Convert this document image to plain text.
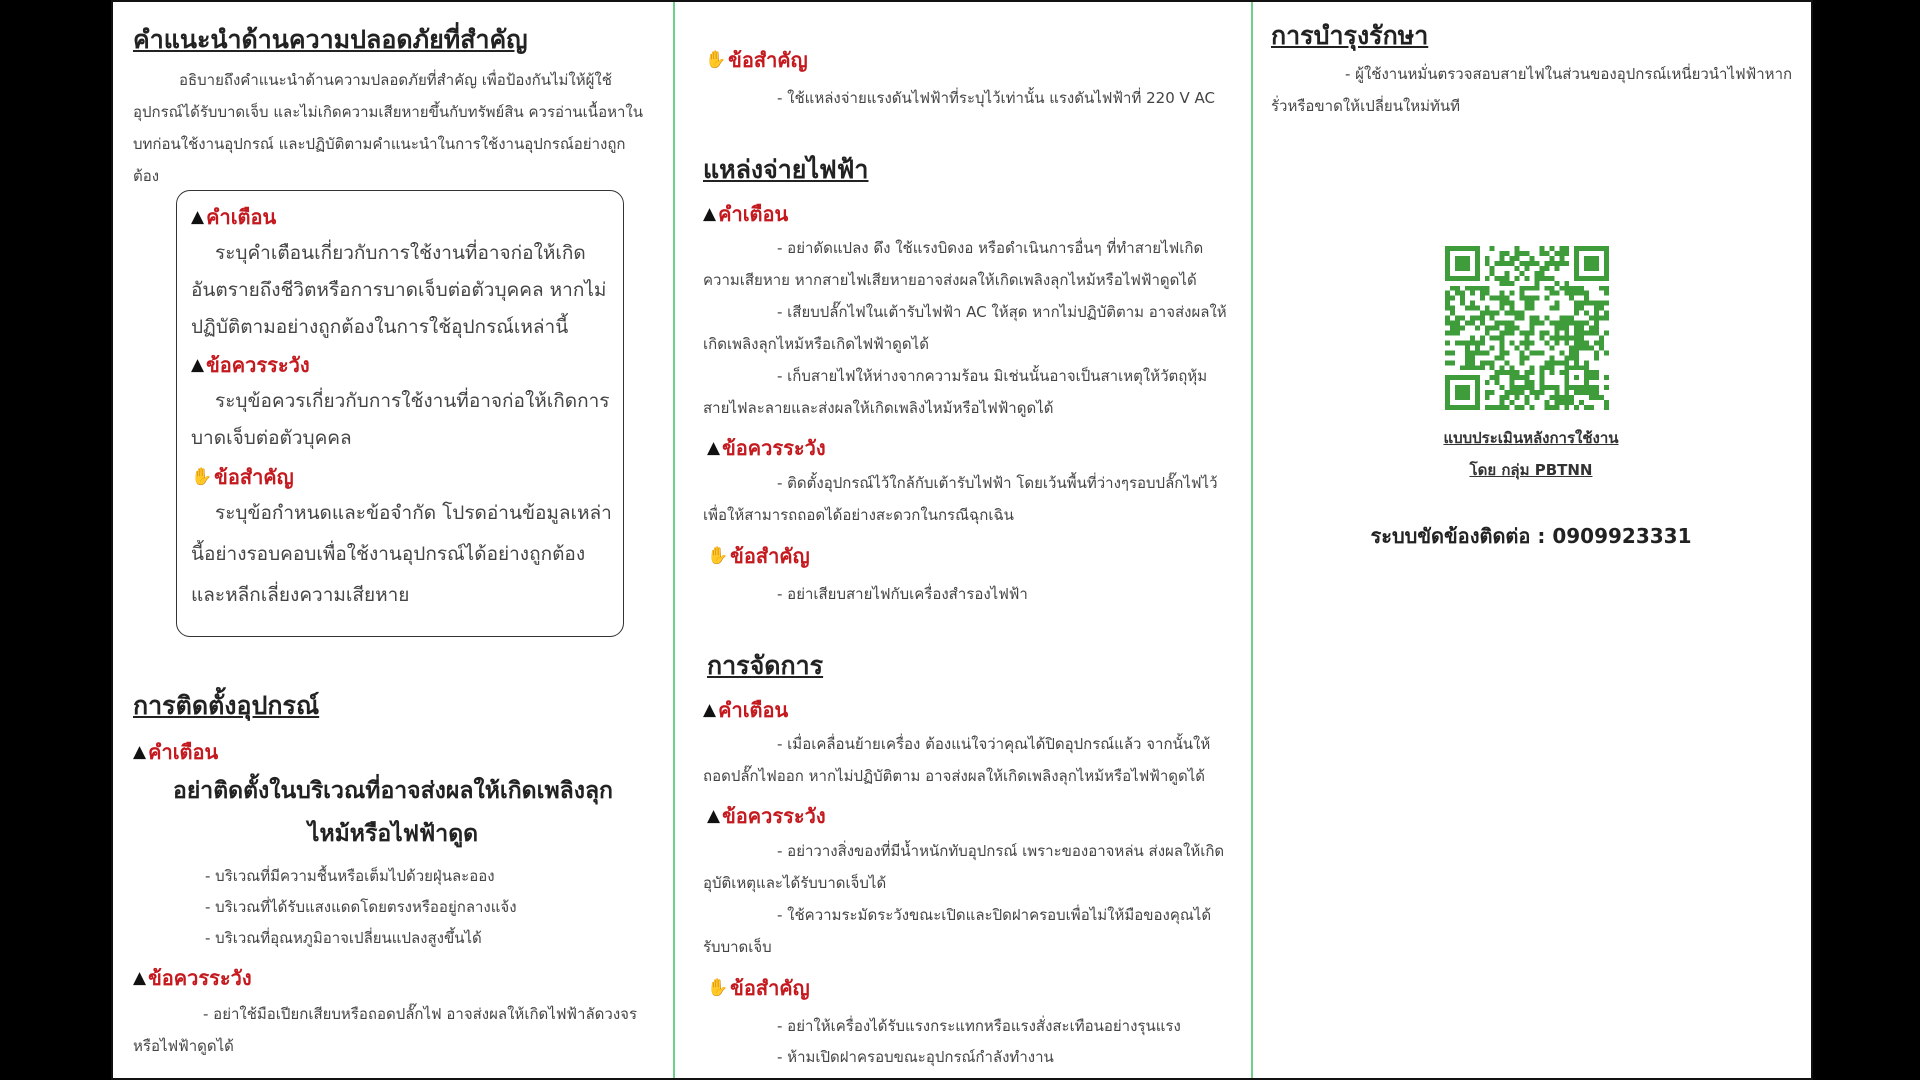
คำแนะนำด้านความปลอดภัยที่สำคัญ
อธิบายถึงคำแนะนำด้านความปลอดภัยที่สำคัญ เพื่อป้องกันไม่ให้ผู้ใช้อุปกรณ์ได้รับบาดเจ็บ และไม่เกิดความเสียหายขึ้นกับทรัพย์สิน ควรอ่านเนื้อหาในบทก่อนใช้งานอุปกรณ์ และปฏิบัติตามคำแนะนำในการใช้งานอุปกรณ์อย่างถูกต้อง
▲ คำเตือน
ระบุคำเตือนเกี่ยวกับการใช้งานที่อาจก่อให้เกิดอันตรายถึงชีวิตหรือการบาดเจ็บต่อตัวบุคคล หากไม่ปฏิบัติตามอย่างถูกต้องในการใช้อุปกรณ์เหล่านี้
▲ ข้อควรระวัง
ระบุข้อควรเกี่ยวกับการใช้งานที่อาจก่อให้เกิดการบาดเจ็บต่อตัวบุคคล
✋ ข้อสำคัญ
ระบุข้อกำหนดและข้อจำกัด โปรดอ่านข้อมูลเหล่านี้อย่างรอบคอบเพื่อใช้งานอุปกรณ์ได้อย่างถูกต้องและหลีกเลี่ยงความเสียหาย
การติดตั้งอุปกรณ์
▲ คำเตือน
อย่าติดตั้งในบริเวณที่อาจส่งผลให้เกิดเพลิงลุกไหม้หรือไฟฟ้าดูด
- บริเวณที่มีความชื้นหรือเต็มไปด้วยฝุ่นละออง
- บริเวณที่ได้รับแสงแดดโดยตรงหรืออยู่กลางแจ้ง
- บริเวณที่อุณหภูมิอาจเปลี่ยนแปลงสูงขึ้นได้
▲ ข้อควรระวัง
- อย่าใช้มือเปียกเสียบหรือถอดปลั๊กไฟ อาจส่งผลให้เกิดไฟฟ้าลัดวงจรหรือไฟฟ้าดูดได้
✋ ข้อสำคัญ
- ใช้แหล่งจ่ายแรงดันไฟฟ้าที่ระบุไว้เท่านั้น แรงดันไฟฟ้าที่ 220 V AC
แหล่งจ่ายไฟฟ้า
▲ คำเตือน
- อย่าดัดแปลง ดึง ใช้แรงบิดงอ หรือดำเนินการอื่นๆ ที่ทำสายไฟเกิดความเสียหาย หากสายไฟเสียหายอาจส่งผลให้เกิดเพลิงลุกไหม้หรือไฟฟ้าดูดได้
- เสียบปลั๊กไฟในเต้ารับไฟฟ้า AC ให้สุด หากไม่ปฏิบัติตาม อาจส่งผลให้เกิดเพลิงลุกไหม้หรือเกิดไฟฟ้าดูดได้
- เก็บสายไฟให้ห่างจากความร้อน มิเช่นนั้นอาจเป็นสาเหตุให้วัตถุหุ้มสายไฟละลายและส่งผลให้เกิดเพลิงไหม้หรือไฟฟ้าดูดได้
▲ ข้อควรระวัง
- ติดตั้งอุปกรณ์ไว้ใกล้กับเต้ารับไฟฟ้า โดยเว้นพื้นที่ว่างๆรอบปลั๊กไฟไว้เพื่อให้สามารถถอดได้อย่างสะดวกในกรณีฉุกเฉิน
✋ ข้อสำคัญ
- อย่าเสียบสายไฟกับเครื่องสำรองไฟฟ้า
การจัดการ
▲ คำเตือน
- เมื่อเคลื่อนย้ายเครื่อง ต้องแน่ใจว่าคุณได้ปิดอุปกรณ์แล้ว จากนั้นให้ถอดปลั๊กไฟออก หากไม่ปฏิบัติตาม อาจส่งผลให้เกิดเพลิงลุกไหม้หรือไฟฟ้าดูดได้
▲ ข้อควรระวัง
- อย่าวางสิ่งของที่มีน้ำหนักทับอุปกรณ์ เพราะของอาจหล่น ส่งผลให้เกิดอุบัติเหตุและได้รับบาดเจ็บได้
- ใช้ความระมัดระวังขณะเปิดและปิดฝาครอบเพื่อไม่ให้มือของคุณได้รับบาดเจ็บ
✋ ข้อสำคัญ
- อย่าให้เครื่องได้รับแรงกระแทกหรือแรงสั่งสะเทือนอย่างรุนแรง
- ห้ามเปิดฝาครอบขณะอุปกรณ์กำลังทำงาน
การบำรุงรักษา
- ผู้ใช้งานหมั่นตรวจสอบสายไฟในส่วนของอุปกรณ์เหนี่ยวนำไฟฟ้าหากรั่วหรือขาดให้เปลี่ยนใหม่ทันที
แบบประเมินหลังการใช้งาน
โดย กลุ่ม PBTNN
ระบบขัดข้องติดต่อ : 0909923331
